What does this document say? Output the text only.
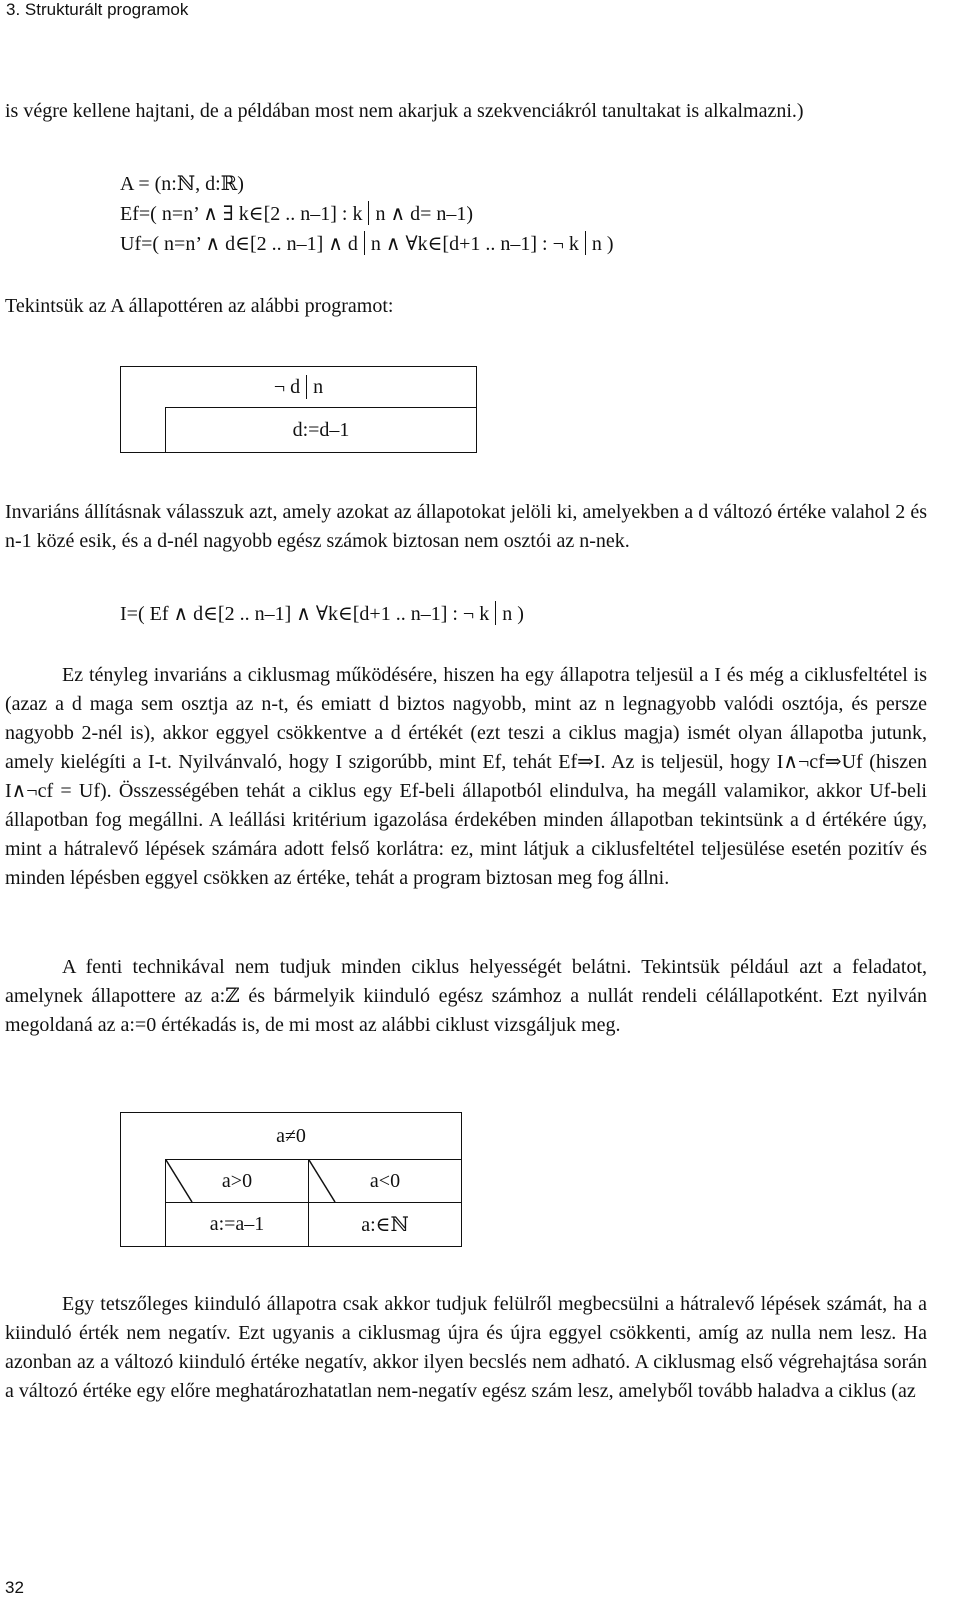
3. Strukturált programok
is végre kellene hajtani, de a példában most nem akarjuk a szekvenciákról tanultakat is alkalmazni.)
A = (n:ℕ, d:ℝ)
Ef=( n=n’ ∧ ∃ k∈[2 .. n–1] : k n ∧ d= n–1)
Uf=( n=n’ ∧ d∈[2 .. n–1] ∧ d n ∧ ∀k∈[d+1 .. n–1] : ¬ k n )
Tekintsük az A állapottéren az alábbi programot:
¬ d n
d:=d–1
Invariáns állításnak válasszuk azt, amely azokat az állapotokat jelöli ki, amelyekben a d változó értéke valahol 2 és n-1 közé esik, és a d-nél nagyobb egész számok biztosan nem osztói az n-nek.
I=( Ef ∧ d∈[2 .. n–1] ∧ ∀k∈[d+1 .. n–1] : ¬ k n )
Ez tényleg invariáns a ciklusmag működésére, hiszen ha egy állapotra teljesül a I és még a ciklusfeltétel is (azaz a d maga sem osztja az n-t, és emiatt d biztos nagyobb, mint az n legnagyobb valódi osztója, és persze nagyobb 2-nél is), akkor eggyel csökkentve a d értékét (ezt teszi a ciklus magja) ismét olyan állapotba jutunk, amely kielégíti a I-t. Nyilvánvaló, hogy I szigorúbb, mint Ef, tehát Ef⇒I. Az is teljesül, hogy I∧¬cf⇒Uf (hiszen I∧¬cf = Uf). Összességében tehát a ciklus egy Ef-beli állapotból elindulva, ha megáll valamikor, akkor Uf-beli állapotban fog megállni. A leállási kritérium igazolása érdekében minden állapotban tekintsünk a d értékére úgy, mint a hátralevő lépések számára adott felső korlátra: ez, mint látjuk a ciklusfeltétel teljesülése esetén pozitív és minden lépésben eggyel csökken az értéke, tehát a program biztosan meg fog állni.
A fenti technikával nem tudjuk minden ciklus helyességét belátni. Tekintsük például azt a feladatot, amelynek állapottere az a:ℤ és bármelyik kiinduló egész számhoz a nullát rendeli célállapotként. Ezt nyilván megoldaná az a:=0 értékadás is, de mi most az alábbi ciklust vizsgáljuk meg.
a≠0
a>0
a:=a–1
a<0
a:∈ℕ
Egy tetszőleges kiinduló állapotra csak akkor tudjuk felülről megbecsülni a hátralevő lépések számát, ha a kiinduló érték nem negatív. Ezt ugyanis a ciklusmag újra és újra eggyel csökkenti, amíg az nulla nem lesz. Ha azonban az a változó kiinduló értéke negatív, akkor ilyen becslés nem adható. A ciklusmag első végrehajtása során a változó értéke egy előre meghatározhatatlan nem-negatív egész szám lesz, amelyből tovább haladva a ciklus (az
32
